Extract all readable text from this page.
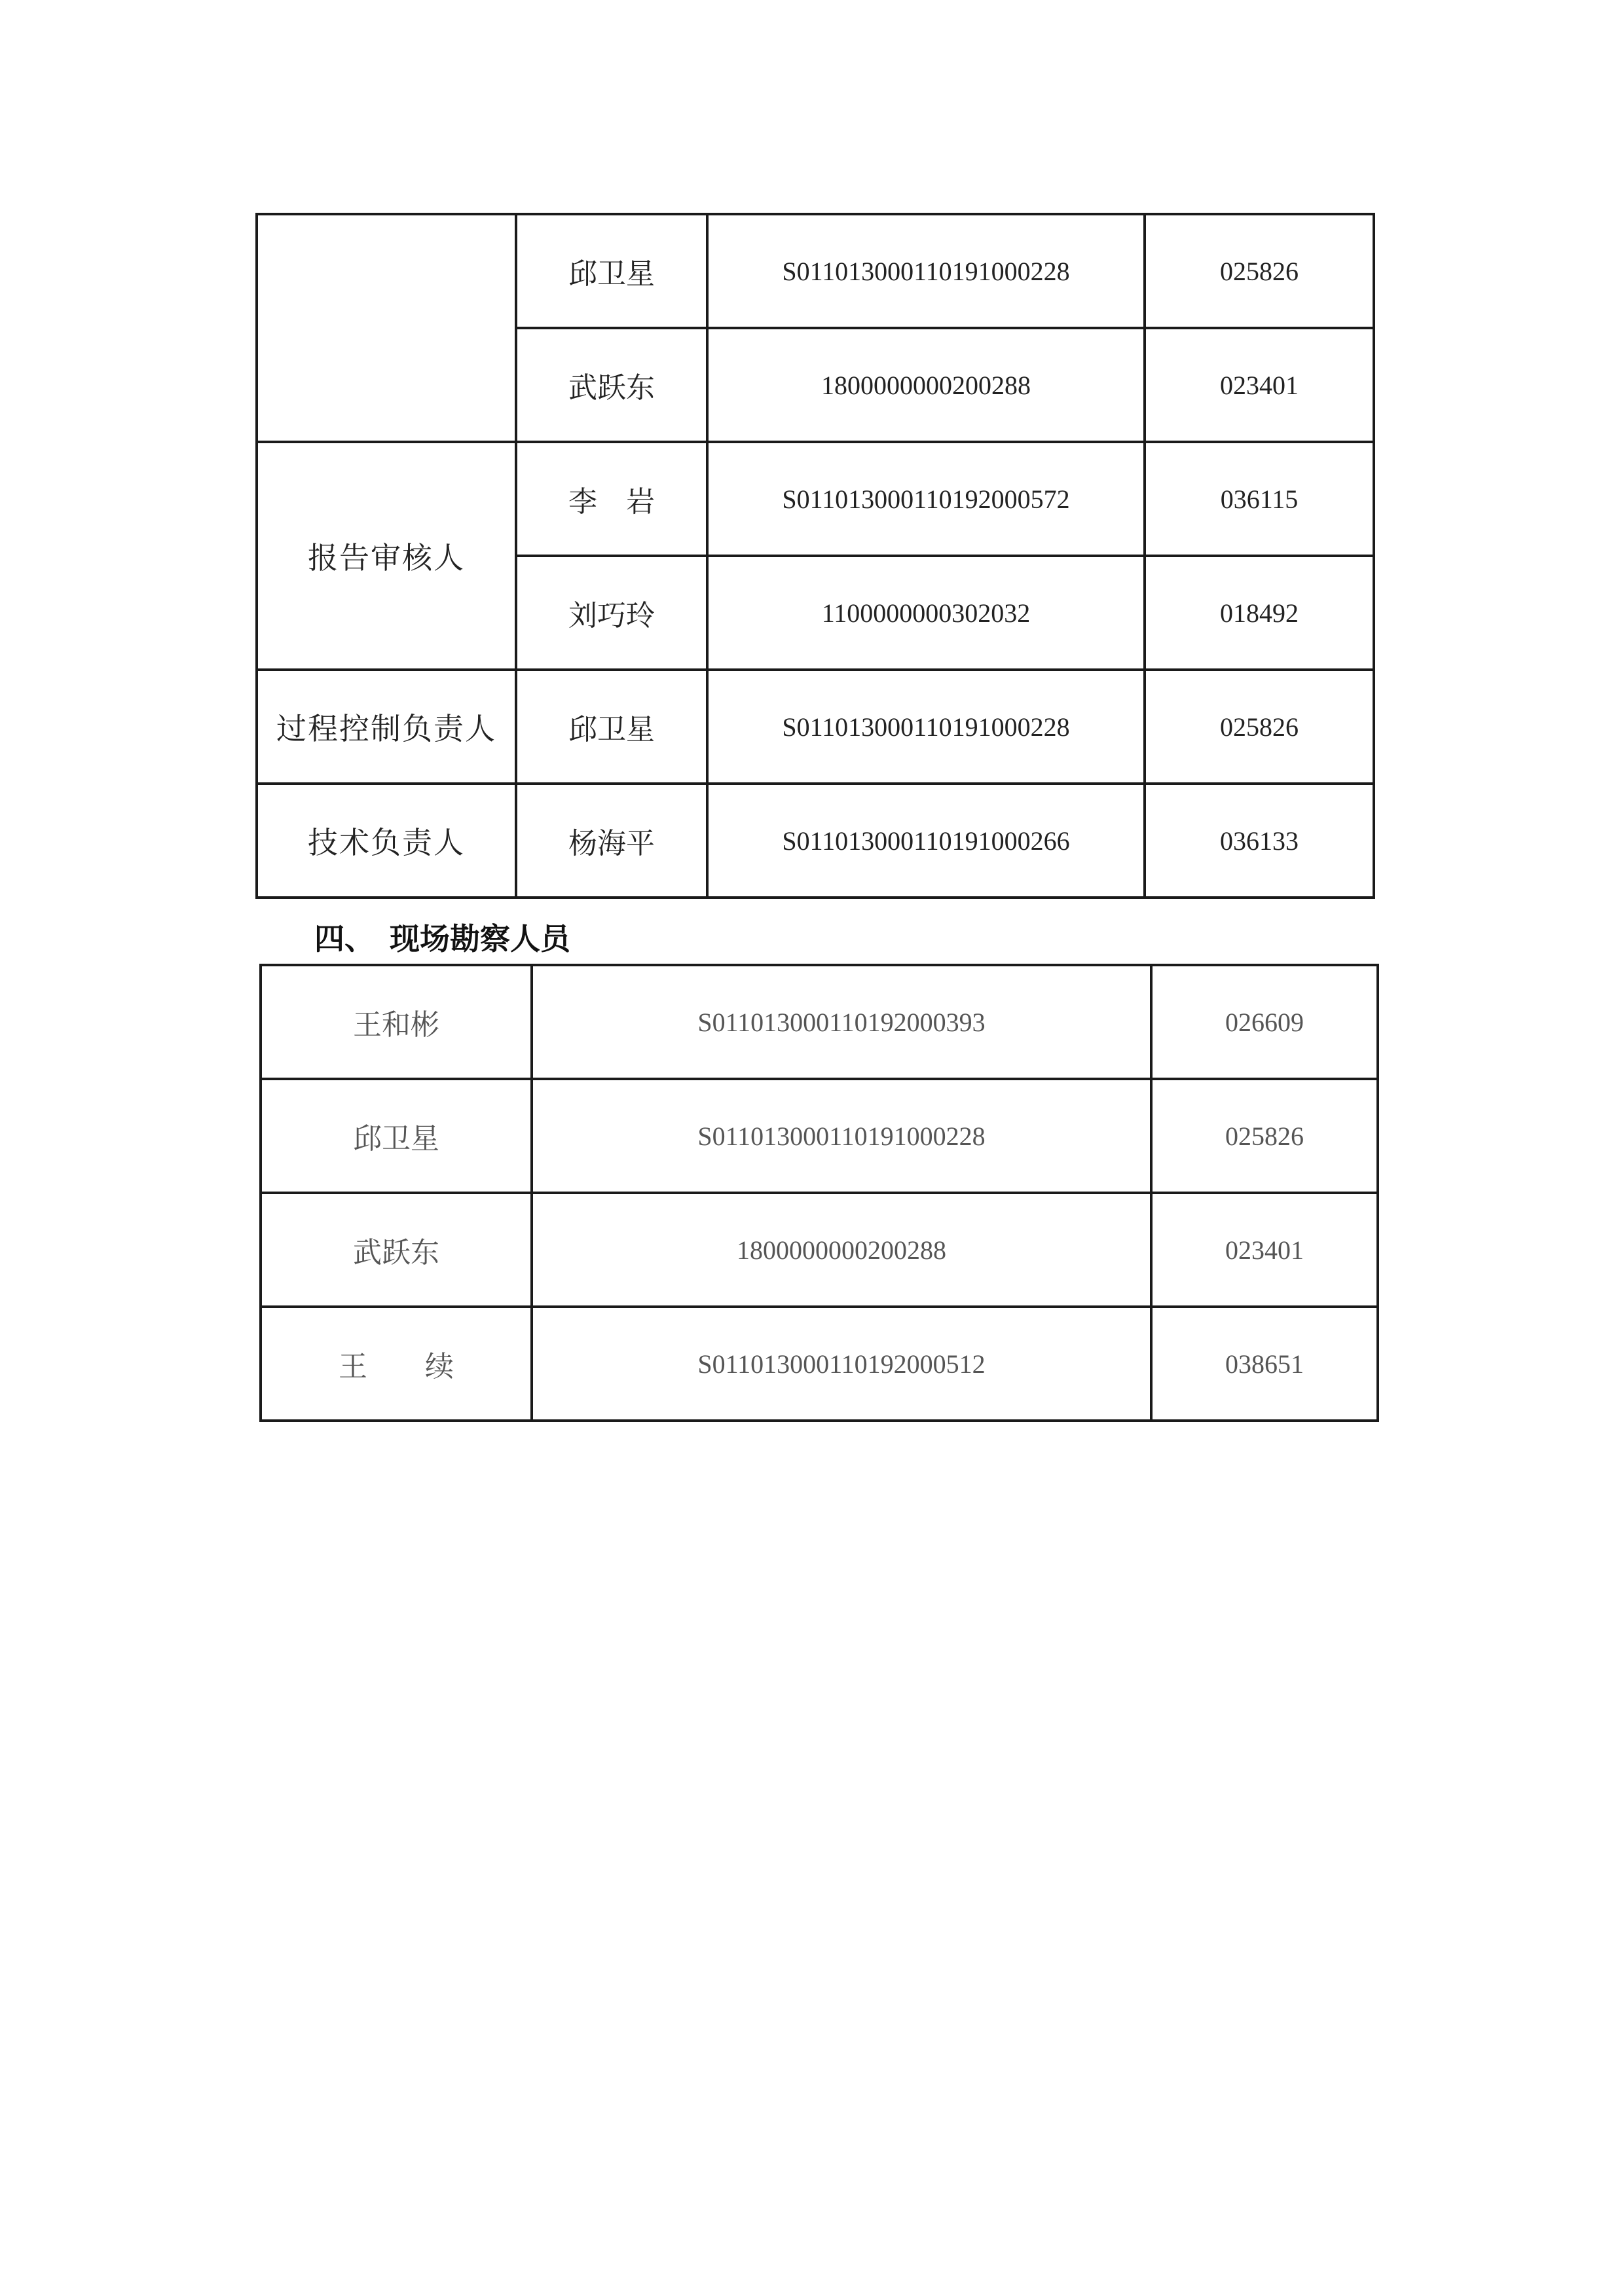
	邱卫星	S01101300011019100022​8	025826
	武跃东	1800000000200288	023401
报告审核人	李　岩	S011013000110192000572	036115
	刘巧玲	1100000000302032	018492
过程控制负责人	邱卫星	S011013000110191000228	025826
技术负责人	杨海平	S011013000110191000266	036133
四、　现场勘察人员
王和彬	S011013000110192000393	026609
邱卫星	S011013000110191000228	025826
武跃东	1800000000200288	023401
王　　续	S011013000110192000512	038651
